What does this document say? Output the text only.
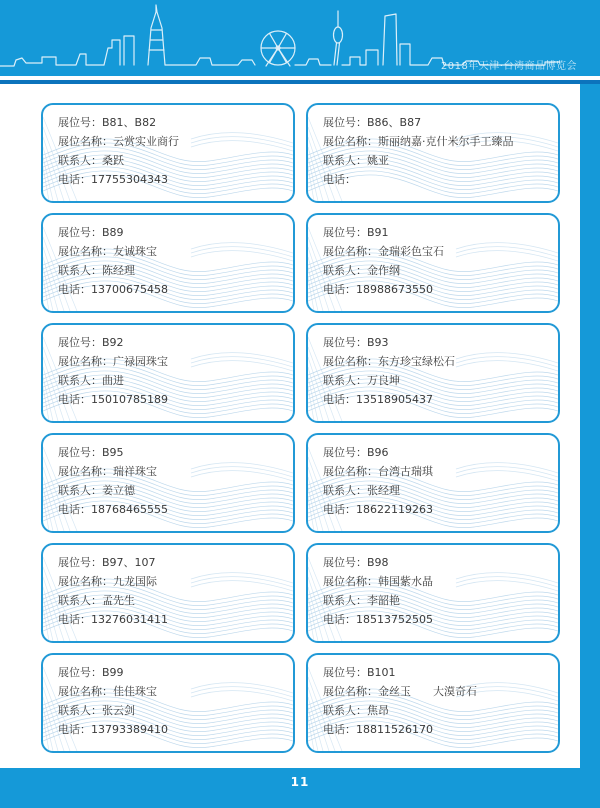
2018年天津·台湾商品博览会
展位号：B81、B82
展位名称：云赏实业商行
联系人：桑跃
电话：17755304343
展位号：B86、B87
展位名称：斯丽纳嘉·克什米尔手工臻品
联系人：姚亚
电话：
展位号：B89
展位名称：友诚珠宝
联系人：陈经理
电话：13700675458
展位号：B91
展位名称：金瑞彩色宝石
联系人：金作纲
电话：18988673550
展位号：B92
展位名称：广禄园珠宝
联系人：曲进
电话：15010785189
展位号：B93
展位名称：东方珍宝绿松石
联系人：万良坤
电话：13518905437
展位号：B95
展位名称：瑞祥珠宝
联系人：姜立德
电话：18768465555
展位号：B96
展位名称：台湾古瑞琪
联系人：张经理
电话：18622119263
展位号：B97、107
展位名称：九龙国际
联系人：孟先生
电话：13276031411
展位号：B98
展位名称：韩国紫水晶
联系人：李韶艳
电话：18513752505
展位号：B99
展位名称：佳佳珠宝
联系人：张云剑
电话：13793389410
展位号：B101
展位名称：金丝玉　　大漠奇石
联系人：焦昂
电话：18811526170
11
